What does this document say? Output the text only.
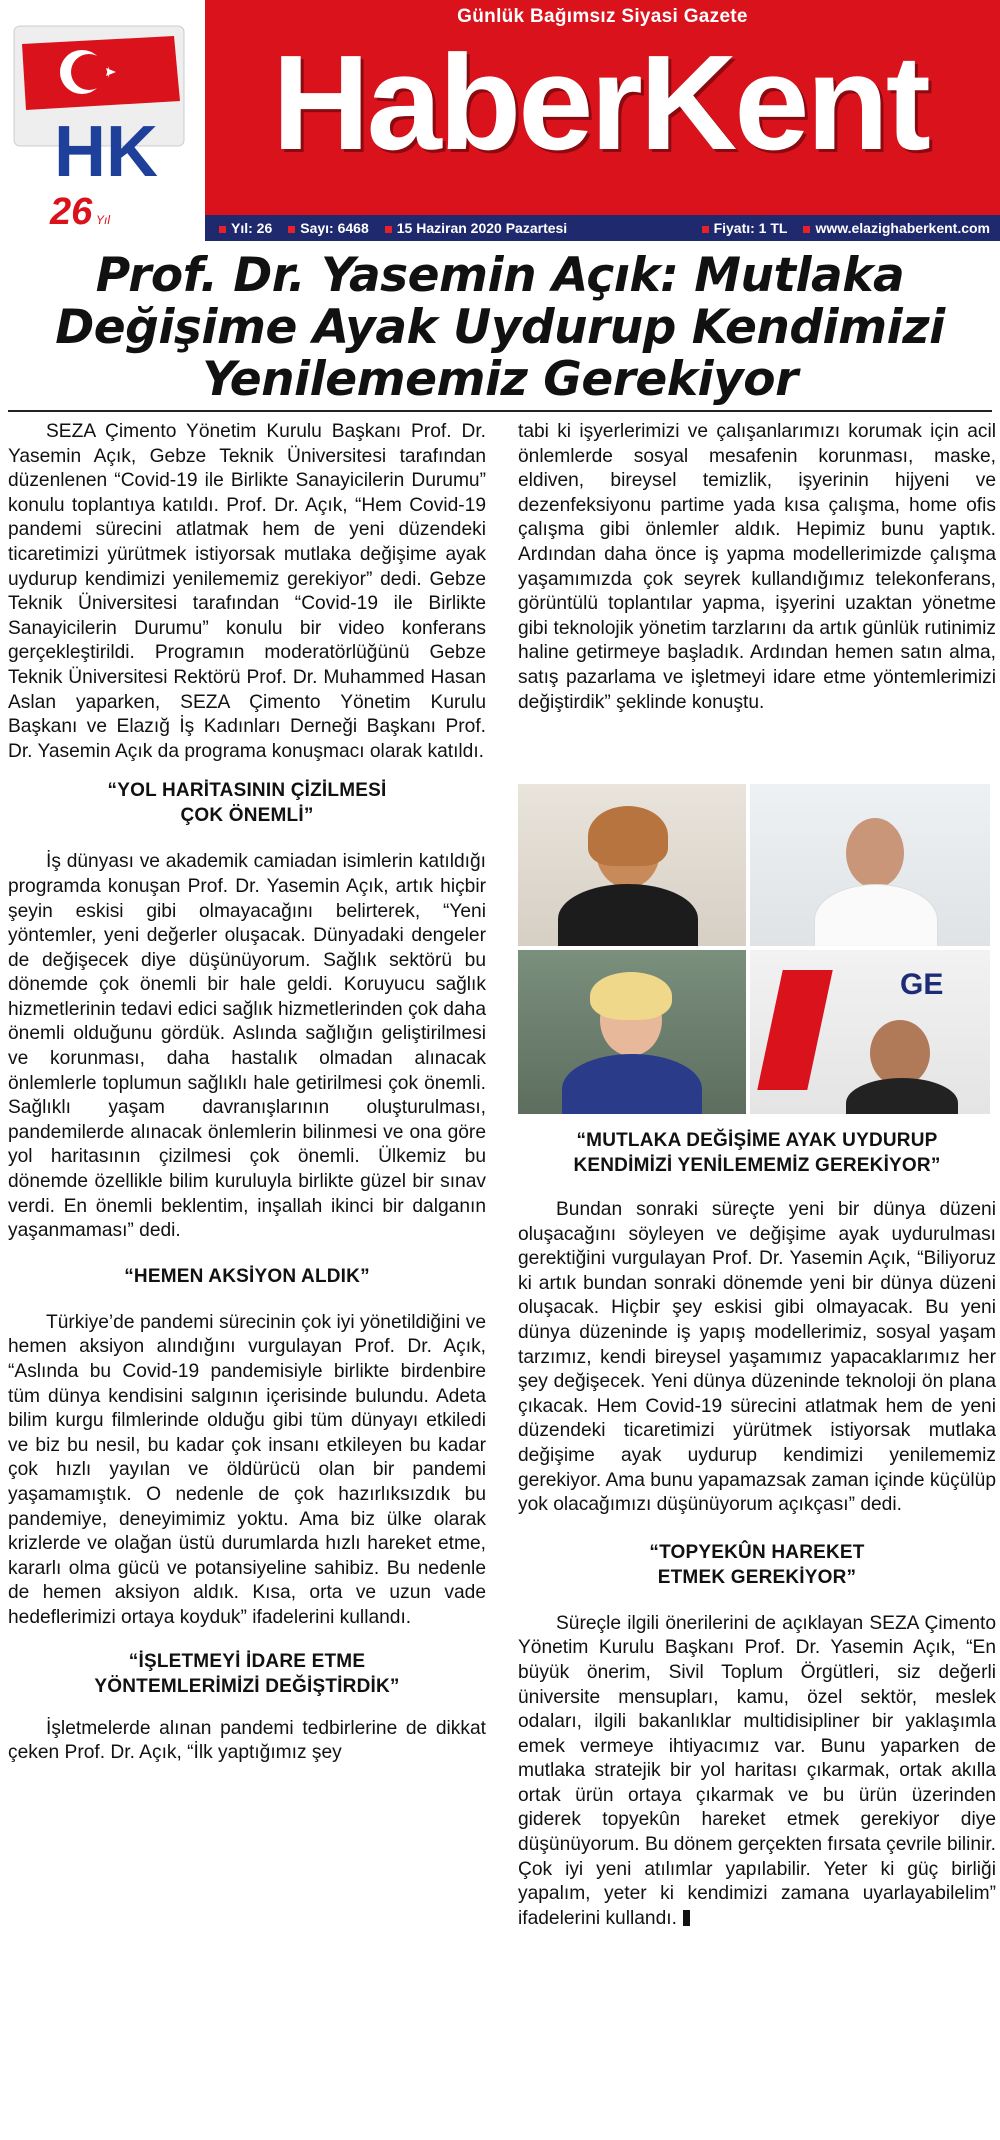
HK
26 Yıl
Günlük Bağımsız Siyasi Gazete
HaberKent
Yıl: 26	Sayı: 6468	15 Haziran 2020 Pazartesi	Fiyatı: 1 TL	www.elazighaberkent.com
Prof. Dr. Yasemin Açık: Mutlaka Değişime Ayak Uydurup Kendimizi Yenilememiz Gerekiyor

SEZA Çimento Yönetim Kurulu Başkanı Prof. Dr. Yasemin Açık, Gebze Teknik Üniversitesi tarafından düzenlenen “Covid-19 ile Birlikte Sanayicilerin Durumu” konulu toplantıya katıldı. Prof. Dr. Açık, “Hem Covid-19 pandemi sürecini atlatmak hem de yeni düzendeki ticaretimizi yürütmek istiyorsak mutlaka değişime ayak uydurup kendimizi yenilememiz gerekiyor” dedi. Gebze Teknik Üniversitesi tarafından “Covid-19 ile Birlikte Sanayicilerin Durumu” konulu bir video konferans gerçekleştirildi. Programın moderatörlüğünü Gebze Teknik Üniversitesi Rektörü Prof. Dr. Muhammed Hasan Aslan yaparken, SEZA Çimento Yönetim Kurulu Başkanı ve Elazığ İş Kadınları Derneği Başkanı Prof. Dr. Yasemin Açık da programa konuşmacı olarak katıldı.

“YOL HARİTASININ ÇİZİLMESİ
ÇOK ÖNEMLİ”

İş dünyası ve akademik camiadan isimlerin katıldığı programda konuşan Prof. Dr. Yasemin Açık, artık hiçbir şeyin eskisi gibi olmayacağını belirterek, “Yeni yöntemler, yeni değerler oluşacak. Dünyadaki dengeler de değişecek diye düşünüyorum. Sağlık sektörü bu dönemde çok önemli bir hale geldi. Koruyucu sağlık hizmetlerinin tedavi edici sağlık hizmetlerinden çok daha önemli olduğunu gördük. Aslında sağlığın geliştirilmesi ve korunması, daha hastalık olmadan alınacak önlemlerle toplumun sağlıklı hale getirilmesi çok önemli. Sağlıklı yaşam davranışlarının oluşturulması, pandemilerde alınacak önlemlerin bilinmesi ve ona göre yol haritasının çizilmesi çok önemli. Ülkemiz bu dönemde özellikle bilim kuruluyla birlikte güzel bir sınav verdi. En önemli beklentim, inşallah ikinci bir dalganın yaşanmaması” dedi.

“HEMEN AKSİYON ALDIK”

Türkiye’de pandemi sürecinin çok iyi yönetildiğini ve hemen aksiyon alındığını vurgulayan Prof. Dr. Açık, “Aslında bu Covid-19 pandemisiyle birlikte birdenbire tüm dünya kendisini salgının içerisinde bulundu. Adeta bilim kurgu filmlerinde olduğu gibi tüm dünyayı etkiledi ve biz bu nesil, bu kadar çok insanı etkileyen bu kadar çok hızlı yayılan ve öldürücü olan bir pandemi yaşamamıştık. O nedenle de çok hazırlıksızdık bu pandemiye, deneyimimiz yoktu. Ama biz ülke olarak krizlerde ve olağan üstü durumlarda hızlı hareket etme, kararlı olma gücü ve potansiyeline sahibiz. Bu nedenle de hemen aksiyon aldık. Kısa, orta ve uzun vade hedeflerimizi ortaya koyduk” ifadelerini kullandı.

“İŞLETMEYİ İDARE ETME
YÖNTEMLERİMİZİ DEĞİŞTİRDİK”

İşletmelerde alınan pandemi tedbirlerine de dikkat çeken Prof. Dr. Açık, “İlk yaptığımız şey

tabi ki işyerlerimizi ve çalışanlarımızı korumak için acil önlemlerde sosyal mesafenin korunması, maske, eldiven, bireysel temizlik, işyerinin hijyeni ve dezenfeksiyonu partime yada kısa çalışma, home ofis çalışma gibi önlemler aldık. Hepimiz bunu yaptık. Ardından daha önce iş yapma modellerimizde çalışma yaşamımızda çok seyrek kullandığımız telekonferans, görüntülü toplantılar yapma, işyerini uzaktan yönetme gibi teknolojik yönetim tarzlarını da artık günlük rutinimiz haline getirmeye başladık. Ardından hemen satın alma, satış pazarlama ve işletmeyi idare etme yöntemlerimizi değiştirdik” şeklinde konuştu.

GE
“MUTLAKA DEĞİŞİME AYAK UYDURUP
KENDİMİZİ YENİLEMEMİZ GEREKİYOR”

Bundan sonraki süreçte yeni bir dünya düzeni oluşacağını söyleyen ve değişime ayak uydurulması gerektiğini vurgulayan Prof. Dr. Yasemin Açık, “Biliyoruz ki artık bundan sonraki dönemde yeni bir dünya düzeni oluşacak. Hiçbir şey eskisi gibi olmayacak. Bu yeni dünya düzeninde iş yapış modellerimiz, sosyal yaşam tarzımız, kendi bireysel yaşamımız yapacaklarımız her şey değişecek. Yeni dünya düzeninde teknoloji ön plana çıkacak. Hem Covid-19 sürecini atlatmak hem de yeni düzendeki ticaretimizi yürütmek istiyorsak mutlaka değişime ayak uydurup kendimizi yenilememiz gerekiyor. Ama bunu yapamazsak zaman içinde küçülüp yok olacağımızı düşünüyorum açıkçası” dedi.

“TOPYEKÛN HAREKET
ETMEK GEREKİYOR”

Süreçle ilgili önerilerini de açıklayan SEZA Çimento Yönetim Kurulu Başkanı Prof. Dr. Yasemin Açık, “En büyük önerim, Sivil Toplum Örgütleri, siz değerli üniversite mensupları, kamu, özel sektör, meslek odaları, ilgili bakanlıklar multidisipliner bir yaklaşımla emek vermeye ihtiyacımız var. Bunu yaparken de mutlaka stratejik bir yol haritası çıkarmak, ortak akılla ortak ürün ortaya çıkarmak ve bu ürün üzerinden giderek topyekûn hareket etmek gerekiyor diye düşünüyorum. Bu dönem gerçekten fırsata çevrile bilinir. Çok iyi yeni atılımlar yapılabilir. Yeter ki güç birliği yapalım, yeter ki kendimizi zamana uyarlayabilelim” ifadelerini kullandı.
